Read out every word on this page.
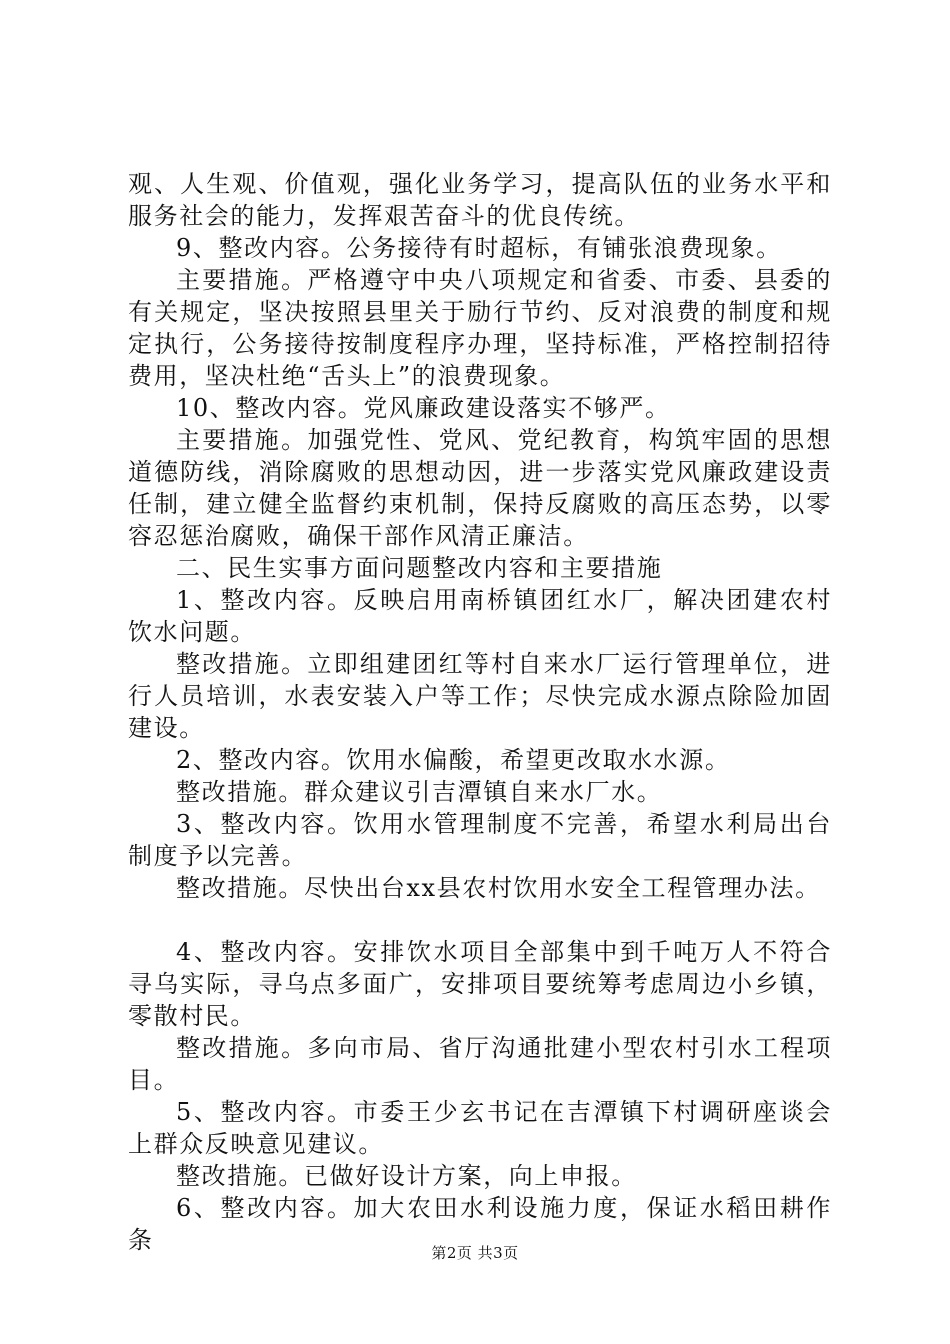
观、人生观、价值观，强化业务学习，提高队伍的业务水平和服务社会的能力，发挥艰苦奋斗的优良传统。

9、整改内容。公务接待有时超标，有铺张浪费现象。

主要措施。严格遵守中央八项规定和省委、市委、县委的有关规定，坚决按照县里关于励行节约、反对浪费的制度和规定执行，公务接待按制度程序办理，坚持标准，严格控制招待费用，坚决杜绝“舌头上”的浪费现象。

10、整改内容。党风廉政建设落实不够严。

主要措施。加强党性、党风、党纪教育，构筑牢固的思想道德防线，消除腐败的思想动因，进一步落实党风廉政建设责任制，建立健全监督约束机制，保持反腐败的高压态势，以零容忍惩治腐败，确保干部作风清正廉洁。

二、民生实事方面问题整改内容和主要措施

1、整改内容。反映启用南桥镇团红水厂，解决团建农村饮水问题。

整改措施。立即组建团红等村自来水厂运行管理单位，进行人员培训，水表安装入户等工作；尽快完成水源点除险加固建设。

2、整改内容。饮用水偏酸，希望更改取水水源。

整改措施。群众建议引吉潭镇自来水厂水。

3、整改内容。饮用水管理制度不完善，希望水利局出台制度予以完善。

整改措施。尽快出台xx县农村饮用水安全工程管理办法。

4、整改内容。安排饮水项目全部集中到千吨万人不符合寻乌实际，寻乌点多面广，安排项目要统筹考虑周边小乡镇，零散村民。

整改措施。多向市局、省厅沟通批建小型农村引水工程项目。

5、整改内容。市委王少玄书记在吉潭镇下村调研座谈会上群众反映意见建议。

整改措施。已做好设计方案，向上申报。

6、整改内容。加大农田水利设施力度，保证水稻田耕作条	第2页 共3页
